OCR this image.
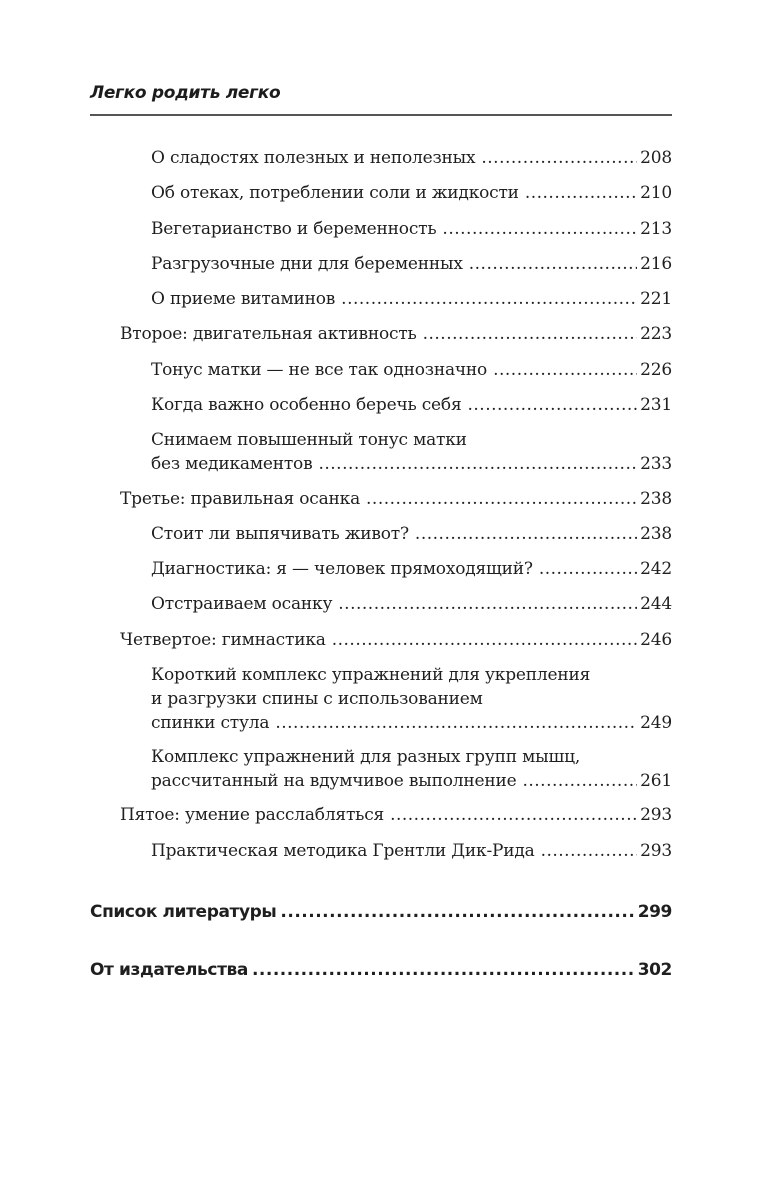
Легко родить легко
О сладостях полезных и неполезных .....	208
Об отеках, потреблении соли и жидкости .....	210
Вегетарианство и беременность .....	213
Разгрузочные дни для беременных .....	216
О приеме витаминов .....	221
Второе: двигательная активность .....	223
Тонус матки — не все так однозначно .....	226
Когда важно особенно беречь себя .....	231
Снимаем повышенный тонус матки
без медикаментов .....	233
Третье: правильная осанка .....	238
Стоит ли выпячивать живот? .....	238
Диагностика: я — человек прямоходящий? .....	242
Отстраиваем осанку .....	244
Четвертое: гимнастика .....	246
Короткий комплекс упражнений для укрепления
и разгрузки спины с использованием
спинки стула .....	249
Комплекс упражнений для разных групп мышц,
рассчитанный на вдумчивое выполнение .....	261
Пятое: умение расслабляться .....	293
Практическая методика Грентли Дик-Рида .....	293
Список литературы .....	299
От издательства .....	302
